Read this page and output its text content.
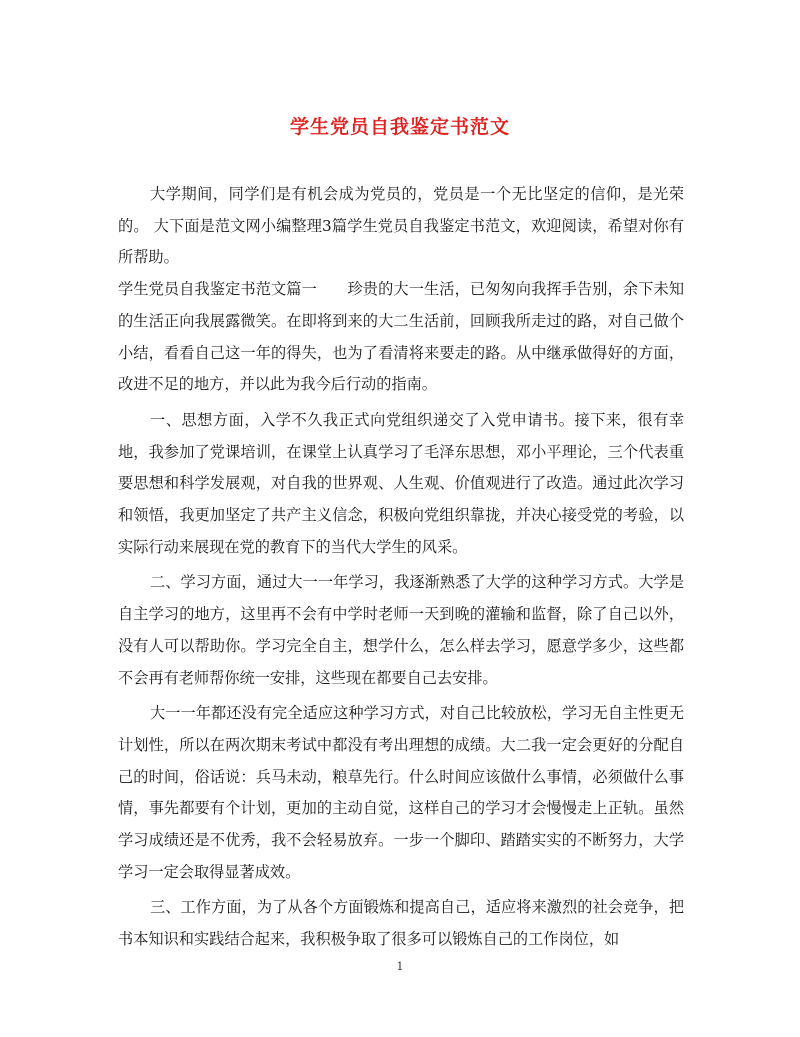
学生党员自我鉴定书范文

大学期间，同学们是有机会成为党员的，党员是一个无比坚定的信仰，是光荣的。 大下面是范文网小编整理3篇学生党员自我鉴定书范文，欢迎阅读，希望对你有所帮助。

学生党员自我鉴定书范文篇一　　珍贵的大一生活，已匆匆向我挥手告别，余下未知的生活正向我展露微笑。在即将到来的大二生活前，回顾我所走过的路，对自己做个小结，看看自己这一年的得失，也为了看清将来要走的路。从中继承做得好的方面，改进不足的地方，并以此为我今后行动的指南。

一、思想方面，入学不久我正式向党组织递交了入党申请书。接下来，很有幸地，我参加了党课培训，在课堂上认真学习了毛泽东思想，邓小平理论，三个代表重要思想和科学发展观，对自我的世界观、人生观、价值观进行了改造。通过此次学习和领悟，我更加坚定了共产主义信念，积极向党组织靠拢，并决心接受党的考验，以实际行动来展现在党的教育下的当代大学生的风采。

二、学习方面，通过大一一年学习，我逐渐熟悉了大学的这种学习方式。大学是自主学习的地方，这里再不会有中学时老师一天到晚的灌输和监督，除了自己以外，没有人可以帮助你。学习完全自主，想学什么，怎么样去学习，愿意学多少，这些都不会再有老师帮你统一安排，这些现在都要自己去安排。

大一一年都还没有完全适应这种学习方式，对自己比较放松，学习无自主性更无计划性，所以在两次期末考试中都没有考出理想的成绩。大二我一定会更好的分配自己的时间，俗话说：兵马未动，粮草先行。什么时间应该做什么事情，必须做什么事情，事先都要有个计划，更加的主动自觉，这样自己的学习才会慢慢走上正轨。虽然学习成绩还是不优秀，我不会轻易放弃。一步一个脚印、踏踏实实的不断努力，大学学习一定会取得显著成效。

三、工作方面，为了从各个方面锻炼和提高自己，适应将来激烈的社会竞争，把书本知识和实践结合起来，我积极争取了很多可以锻炼自己的工作岗位，如

1
